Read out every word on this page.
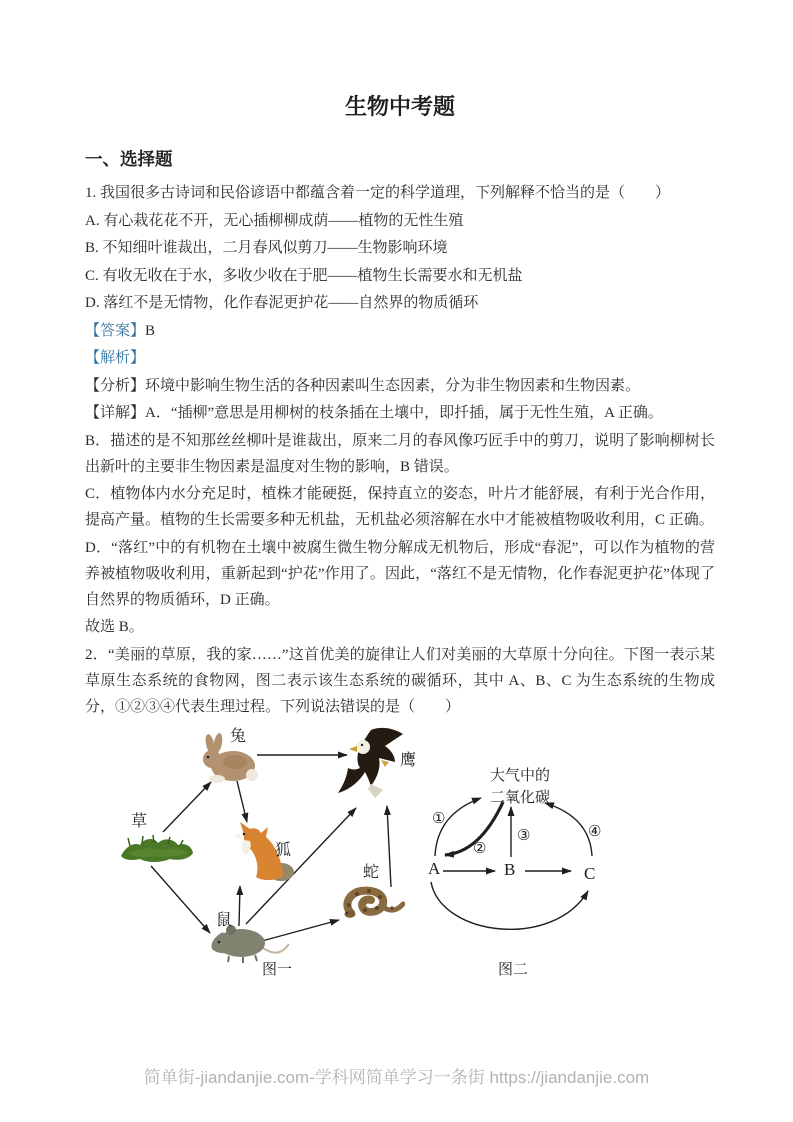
生物中考题
一、选择题

1. 我国很多古诗词和民俗谚语中都蕴含着一定的科学道理，下列解释不恰当的是（　　）

A. 有心栽花花不开，无心插柳柳成荫——植物的无性生殖

B. 不知细叶谁裁出，二月春风似剪刀——生物影响环境

C. 有收无收在于水，多收少收在于肥——植物生长需要水和无机盐

D. 落红不是无情物，化作春泥更护花——自然界的物质循环

【答案】B

【解析】

【分析】环境中影响生物生活的各种因素叫生态因素，分为非生物因素和生物因素。

【详解】A．“插柳”意思是用柳树的枝条插在土壤中，即扦插，属于无性生殖，A 正确。

B．描述的是不知那丝丝柳叶是谁裁出，原来二月的春风像巧匠手中的剪刀，说明了影响柳树长出新叶的主要非生物因素是温度对生物的影响，B 错误。

C．植物体内水分充足时，植株才能硬挺，保持直立的姿态，叶片才能舒展，有利于光合作用，提高产量。植物的生长需要多种无机盐，无机盐必须溶解在水中才能被植物吸收利用，C 正确。

D．“落红”中的有机物在土壤中被腐生微生物分解成无机物后，形成“春泥”，可以作为植物的营养被植物吸收利用，重新起到“护花”作用了。因此，“落红不是无情物，化作春泥更护花”体现了自然界的物质循环，D 正确。

故选 B。

2．“美丽的草原，我的家……”这首优美的旋律让人们对美丽的大草原十分向往。下图一表示某草原生态系统的食物网，图二表示该生态系统的碳循环，其中 A、B、C 为生态系统的生物成分，①②③④代表生理过程。下列说法错误的是（　　）

兔
鹰
草
狐
蛇
鼠
图一
大气中的
二氧化碳
①
②
③	④
A	B	C
图二
简单街-jiandanjie.com-学科网简单学习一条街 https://jiandanjie.com
